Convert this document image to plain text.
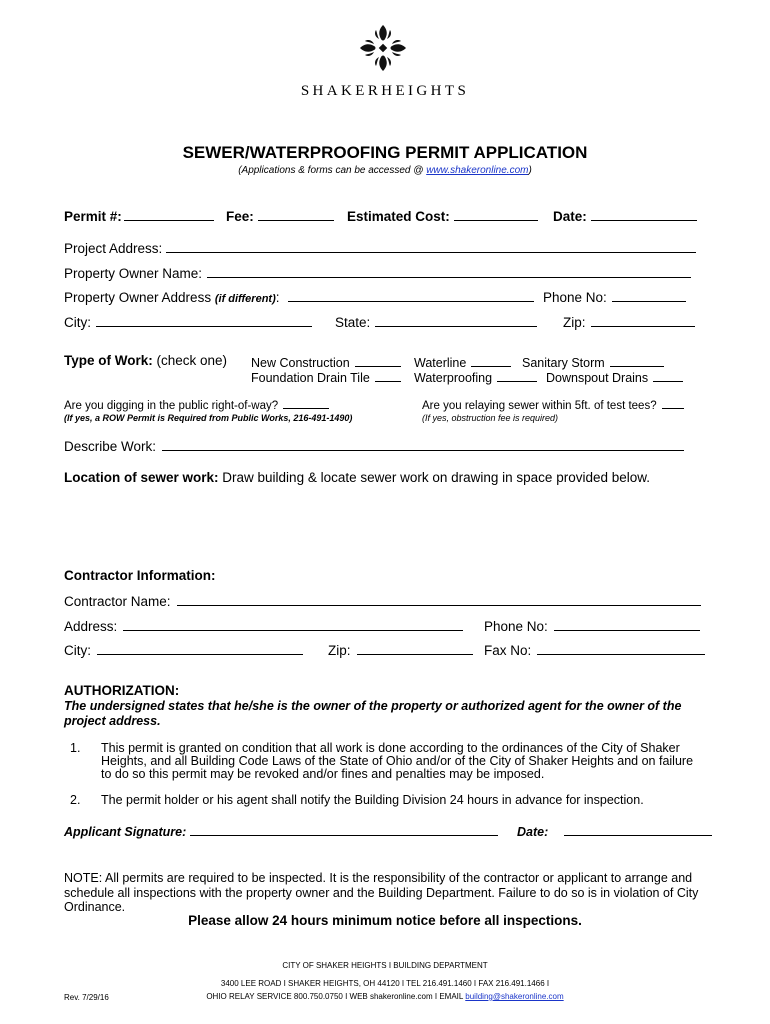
SHAKERHEIGHTS
SEWER/WATERPROOFING PERMIT APPLICATION
(Applications & forms can be accessed @ www.shakeronline.com)
Permit #:	Fee:	Estimated Cost:	Date:
Project Address:
Property Owner Name:
Property Owner Address (if different):	Phone No:
City:	State:	Zip:
Type of Work: (check one) New Construction	Waterline	Sanitary Storm
Foundation Drain Tile	Waterproofing	Downspout Drains
Are you digging in the public right-of-way?
(If yes, a ROW Permit is Required from Public Works, 216-491-1490)
Are you relaying sewer within 5ft. of test tees?
(If yes, obstruction fee is required)
Describe Work:
Location of sewer work: Draw building & locate sewer work on drawing in space provided below.
Contractor Information:
Contractor Name:
Address:	Phone No:
City:	Zip:	Fax No:
AUTHORIZATION:
The undersigned states that he/she is the owner of the property or authorized agent for the owner of the
project address.
1. This permit is granted on condition that all work is done according to the ordinances of the City of Shaker
Heights, and all Building Code Laws of the State of Ohio and/or of the City of Shaker Heights and on failure
to do so this permit may be revoked and/or fines and penalties may be imposed.
2. The permit holder or his agent shall notify the Building Division 24 hours in advance for inspection.
Applicant Signature:	Date:
NOTE: All permits are required to be inspected. It is the responsibility of the contractor or applicant to arrange and
schedule all inspections with the property owner and the Building Department. Failure to do so is in violation of City
Ordinance.
Please allow 24 hours minimum notice before all inspections.
CITY OF SHAKER HEIGHTS I BUILDING DEPARTMENT
3400 LEE ROAD I SHAKER HEIGHTS, OH 44120 I TEL 216.491.1460 I FAX 216.491.1466 I
OHIO RELAY SERVICE 800.750.0750 I WEB shakeronline.com I EMAIL building@shakeronline.com
Rev. 7/29/16
